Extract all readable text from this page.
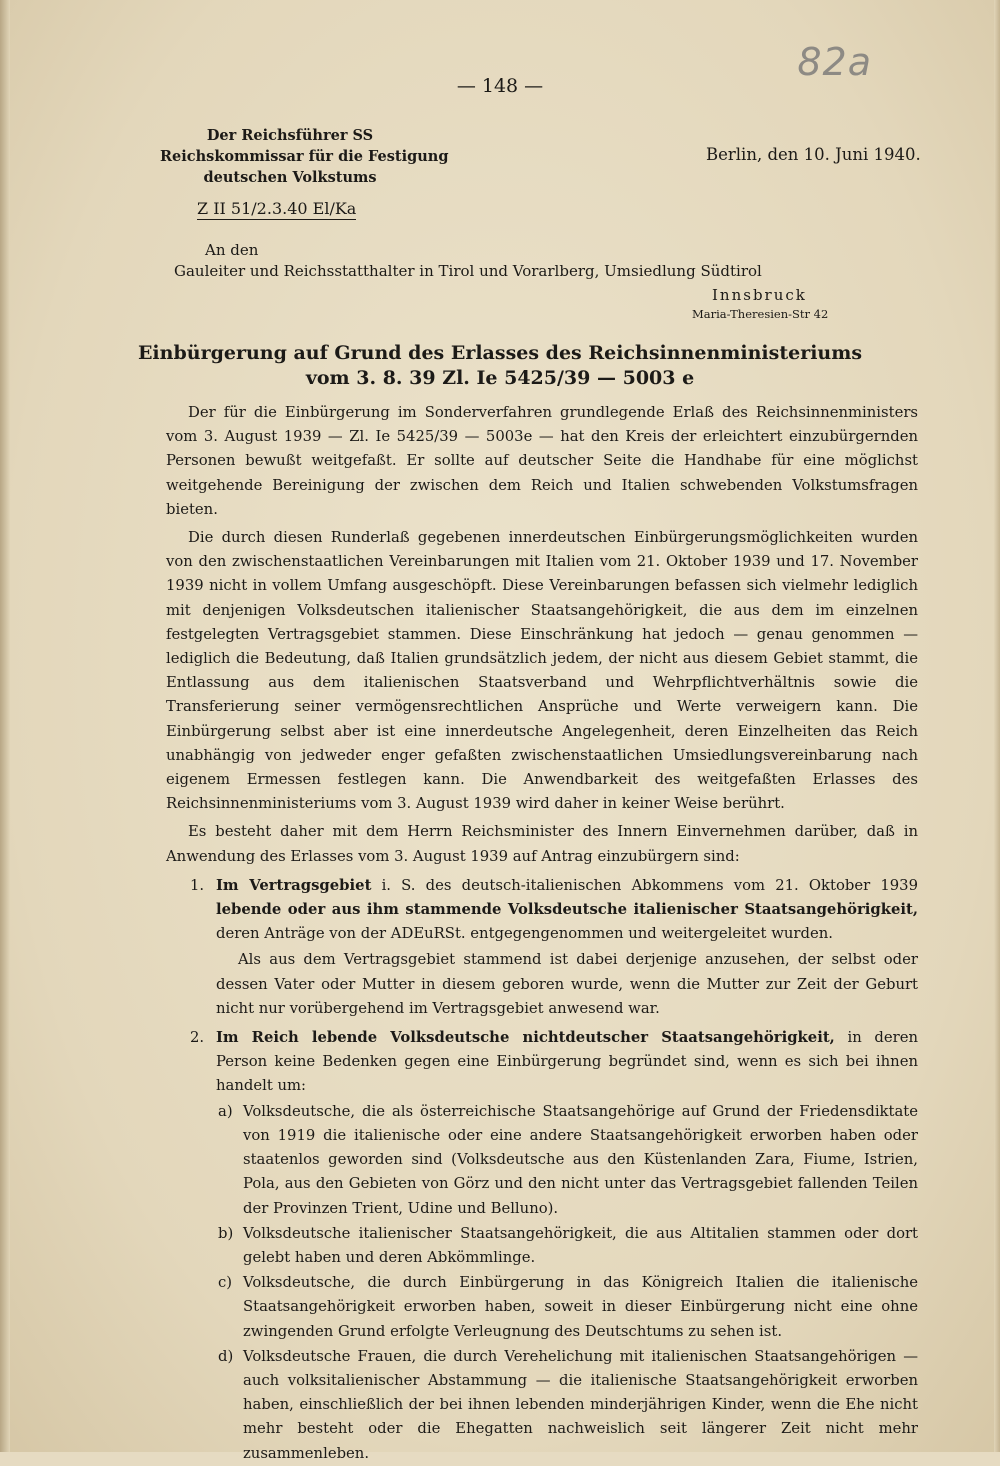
82a
— 148 —
Der Reichsführer SS
Reichskommissar für die Festigung
deutschen Volkstums
Z II 51/2.3.40 El/Ka
Berlin, den 10. Juni 1940.
An den
Gauleiter und Reichsstatthalter in Tirol und Vorarlberg, Umsiedlung Südtirol
Innsbruck
Maria-Theresien-Str 42
Einbürgerung auf Grund des Erlasses des Reichsinnenministeriums
vom 3. 8. 39 Zl. Ie 5425/39 — 5003 e

Der für die Einbürgerung im Sonderverfahren grundlegende Erlaß des Reichsinnenministers vom 3. August 1939 — Zl. Ie 5425/39 — 5003e — hat den Kreis der erleichtert einzubürgernden Personen bewußt weitgefaßt. Er sollte auf deutscher Seite die Handhabe für eine möglichst weitgehende Bereinigung der zwischen dem Reich und Italien schwebenden Volkstumsfragen bieten.

Die durch diesen Runderlaß gegebenen innerdeutschen Einbürgerungsmöglichkeiten wurden von den zwischenstaatlichen Vereinbarungen mit Italien vom 21. Oktober 1939 und 17. November 1939 nicht in vollem Umfang ausgeschöpft. Diese Vereinbarungen befassen sich vielmehr lediglich mit denjenigen Volksdeutschen italienischer Staatsangehörigkeit, die aus dem im einzelnen festgelegten Vertragsgebiet stammen. Diese Einschränkung hat jedoch — genau genommen — lediglich die Bedeutung, daß Italien grundsätzlich jedem, der nicht aus diesem Gebiet stammt, die Entlassung aus dem italienischen Staatsverband und Wehrpflichtverhältnis sowie die Transferierung seiner vermögensrechtlichen Ansprüche und Werte verweigern kann. Die Einbürgerung selbst aber ist eine innerdeutsche Angelegenheit, deren Einzelheiten das Reich unabhängig von jedweder enger gefaßten zwischenstaatlichen Umsiedlungsvereinbarung nach eigenem Ermessen festlegen kann. Die Anwendbarkeit des weitgefaßten Erlasses des Reichsinnenministeriums vom 3. August 1939 wird daher in keiner Weise berührt.

Es besteht daher mit dem Herrn Reichsminister des Innern Einvernehmen darüber, daß in Anwendung des Erlasses vom 3. August 1939 auf Antrag einzubürgern sind:

1. Im Vertragsgebiet i. S. des deutsch-italienischen Abkommens vom 21. Oktober 1939 lebende oder aus ihm stammende Volksdeutsche italienischer Staatsangehörigkeit, deren Anträge von der ADEuRSt. entgegengenommen und weitergeleitet wurden.

Als aus dem Vertragsgebiet stammend ist dabei derjenige anzusehen, der selbst oder dessen Vater oder Mutter in diesem geboren wurde, wenn die Mutter zur Zeit der Geburt nicht nur vorübergehend im Vertragsgebiet anwesend war.

2. Im Reich lebende Volksdeutsche nichtdeutscher Staatsangehörigkeit, in deren Person keine Bedenken gegen eine Einbürgerung begründet sind, wenn es sich bei ihnen handelt um:

a) Volksdeutsche, die als österreichische Staatsangehörige auf Grund der Friedensdiktate von 1919 die italienische oder eine andere Staatsangehörigkeit erworben haben oder staatenlos geworden sind (Volksdeutsche aus den Küstenlanden Zara, Fiume, Istrien, Pola, aus den Gebieten von Görz und den nicht unter das Vertragsgebiet fallenden Teilen der Provinzen Trient, Udine und Belluno).
b) Volksdeutsche italienischer Staatsangehörigkeit, die aus Altitalien stammen oder dort gelebt haben und deren Abkömmlinge.
c) Volksdeutsche, die durch Einbürgerung in das Königreich Italien die italienische Staatsangehörigkeit erworben haben, soweit in dieser Einbürgerung nicht eine ohne zwingenden Grund erfolgte Verleugnung des Deutschtums zu sehen ist.
d) Volksdeutsche Frauen, die durch Verehelichung mit italienischen Staatsangehörigen — auch volksitalienischer Abstammung — die italienische Staatsangehörigkeit erworben haben, einschließlich der bei ihnen lebenden minderjährigen Kinder, wenn die Ehe nicht mehr besteht oder die Ehegatten nachweislich seit längerer Zeit nicht mehr zusammenleben.
